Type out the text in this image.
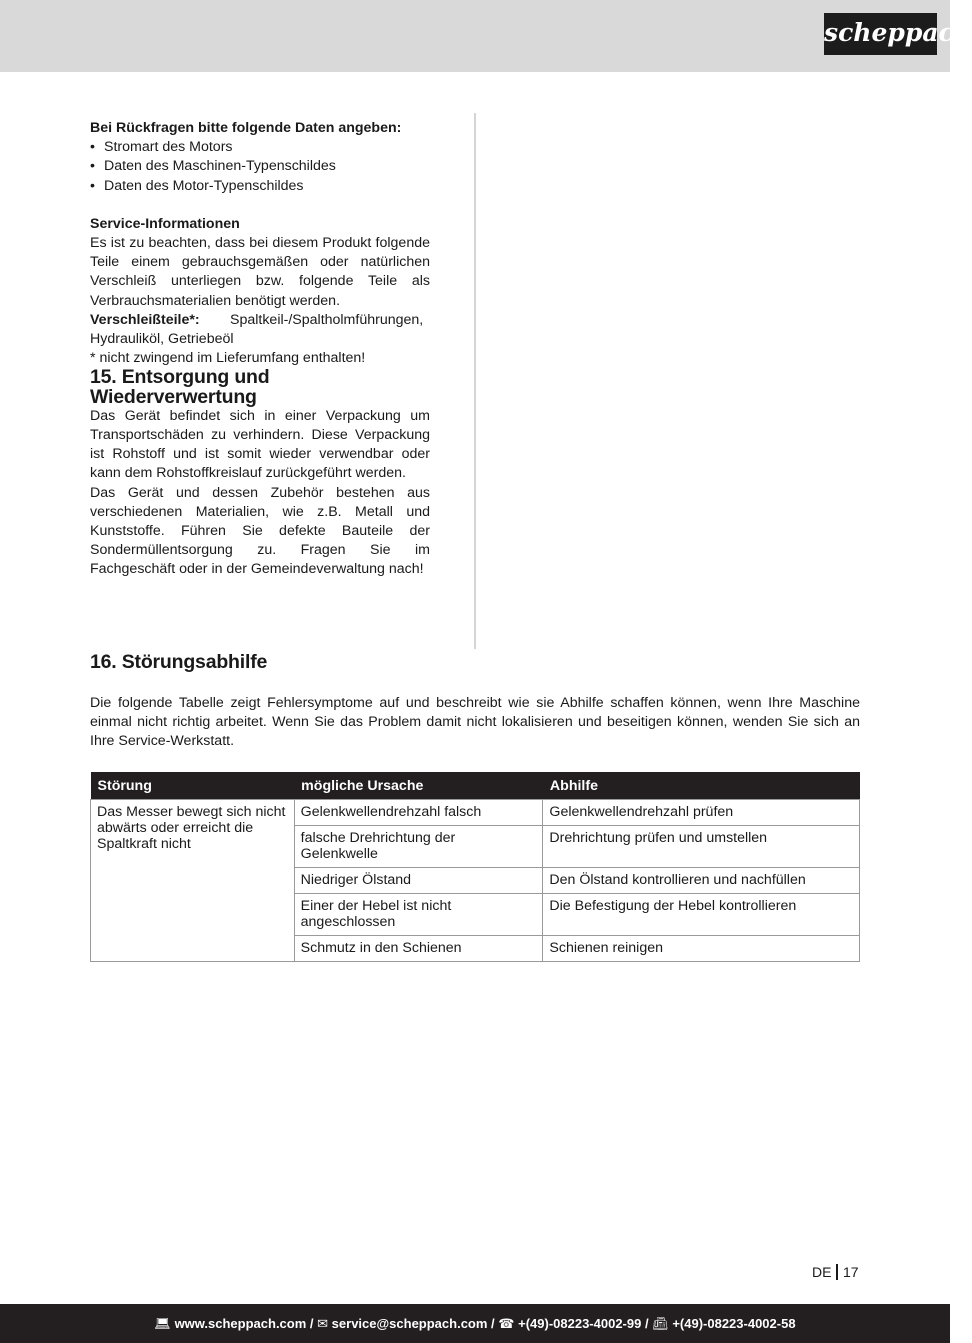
scheppach

Bei Rückfragen bitte folgende Daten angeben:

• Stromart des Motors
• Daten des Maschinen-Typenschildes
• Daten des Motor-Typenschildes

Service-Informationen

Es ist zu beachten, dass bei diesem Produkt folgende Teile einem gebrauchsgemäßen oder natürlichen Verschleiß unterliegen bzw. folgende Teile als Verbrauchsmaterialien benötigt werden.

Verschleißteile*:	Spaltkeil-/Spaltholmführungen,

Hydrauliköl, Getriebeöl

* nicht zwingend im Lieferumfang enthalten!

15. Entsorgung und Wiederverwertung

Das Gerät befindet sich in einer Verpackung um Transportschäden zu verhindern. Diese Verpackung ist Rohstoff und ist somit wieder verwendbar oder kann dem Rohstoffkreislauf zurückgeführt werden.

Das Gerät und dessen Zubehör bestehen aus verschiedenen Materialien, wie z.B. Metall und Kunststoffe. Führen Sie defekte Bauteile der Sondermüllentsorgung zu. Fragen Sie im Fachgeschäft oder in der Gemeindeverwaltung nach!

16. Störungsabhilfe

Die folgende Tabelle zeigt Fehlersymptome auf und beschreibt wie sie Abhilfe schaffen können, wenn Ihre Maschine einmal nicht richtig arbeitet. Wenn Sie das Problem damit nicht lokalisieren und beseitigen können, wenden Sie sich an Ihre Service-Werkstatt.

Störung	mögliche Ursache	Abhilfe
Das Messer bewegt sich nicht abwärts oder erreicht die Spaltkraft nicht	Gelenkwellendrehzahl falsch	Gelenkwellendrehzahl prüfen
	falsche Drehrichtung der Gelenkwelle	Drehrichtung prüfen und umstellen
	Niedriger Ölstand	Den Ölstand kontrollieren und nachfüllen
	Einer der Hebel ist nicht angeschlossen	Die Befestigung der Hebel kontrollieren
	Schmutz in den Schienen	Schienen reinigen
DE 17
💻︎ www.scheppach.com / ✉︎ service@scheppach.com / ☎︎ +(49)-08223-4002-99 / 📠︎ +(49)-08223-4002-58
